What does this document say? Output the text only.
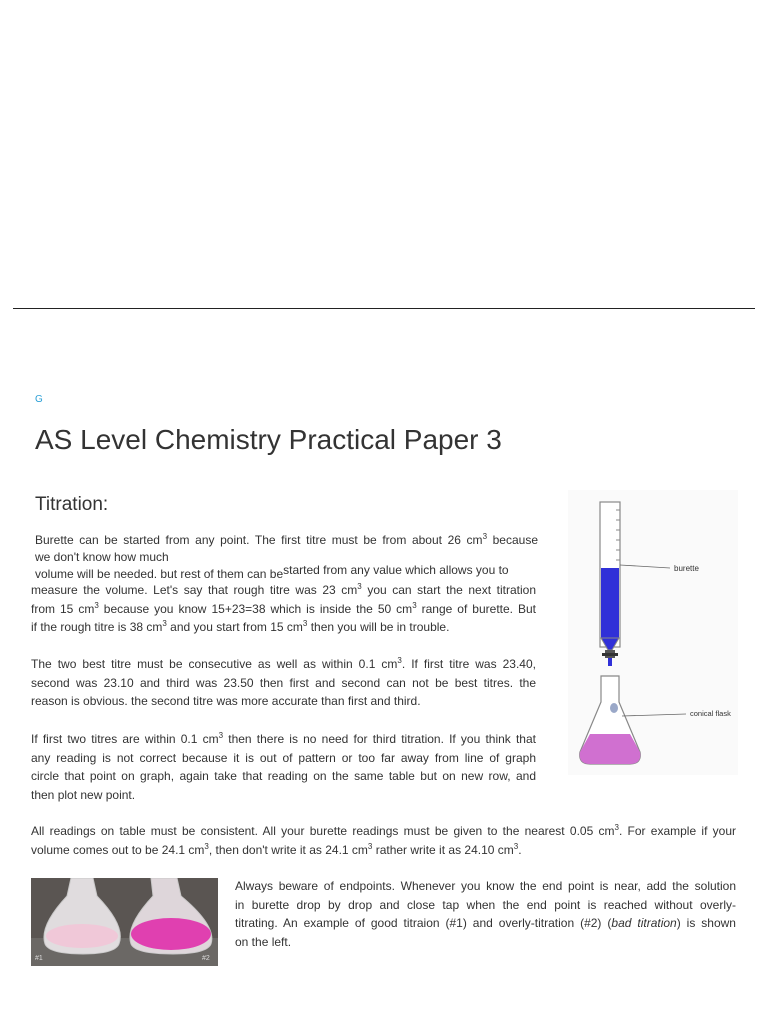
G
AS Level Chemistry Practical Paper 3
Titration:
Burette can be started from any point. The first titre must be from about 26 $cm^3$ because
we don't know how much
volume will be needed. but rest of them can bestarted from any value which allows you to
measure the volume. Let's say that rough titre was 23 $cm^3$ you can start the next titration
from 15 $cm^3$ because you know 15+23=38 which is inside the 50 $cm^3$ range of burette. But
if the rough titre is 38 $cm^3$ and you start from 15 $cm^3$ then you will be in trouble.
The two best titre must be consecutive as well as within 0.1 $cm^3$. If first titre was 23.40,
second was 23.10 and third was 23.50 then first and second can not be best titres. the
reason is obvious. the second titre was more accurate than first and third.
If first two titres are within 0.1 $cm^3$ then there is no need for third titration. If you think that
any reading is not correct because it is out of pattern or too far away from line of graph
circle that point on graph, again take that reading on the same table but on new row, and
then plot new point.
All readings on table must be consistent. All your burette readings must be given to the nearest 0.05 $cm^3$. For example if your
volume comes out to be 24.1 $cm^3$, then don't write it as 24.1 $cm^3$ rather write it as 24.10 $cm^3$.
Always beware of endpoints. Whenever you know the end point is near, add the solution
in burette drop by drop and close tap when the end point is reached without overly-
titrating. An example of good titraion (#1) and overly-titration (#2) (bad titration) is shown
on the left.
burette
conical flask
#1	#2
